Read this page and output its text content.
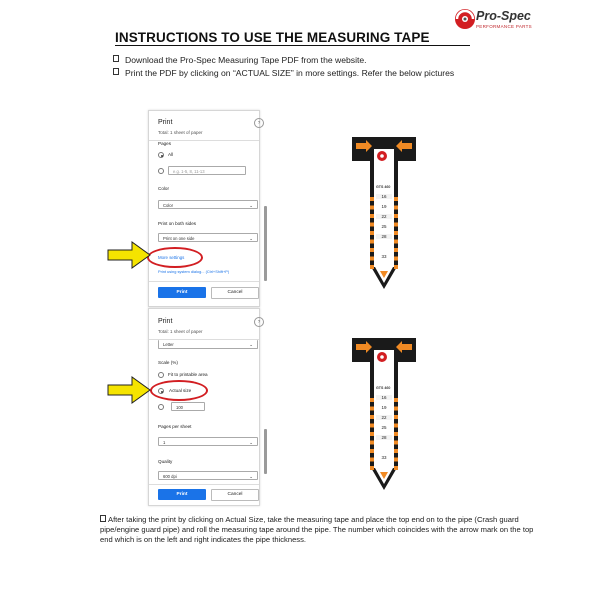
INSTRUCTIONS TO USE THE MEASURING TAPE
Pro-Spec
PERFORMANCE PARTS
Download the Pro-Spec Measuring Tape PDF from the website.
Print the PDF by clicking on “ACTUAL SIZE” in more settings. Refer the below pictures
Print
Total: 1 sheet of paper
?
Pages
All
e.g. 1-5, 8, 11-13
Color
Color	⌄
Print on both sides
Print on one side	⌄
More settings
Print using system dialog... (Ctrl+Shift+P)
Print	Cancel
Print
Total: 1 sheet of paper
?
Letter	⌄
Scale (%)
Fit to printable area
Actual size
100
Pages per sheet
1	⌄
Quality
600 dpi	⌄
Print	Cancel
GTS 460
16
19
22
25
28
33
GTS 460
16
19
22
25
28
33
After taking the print by clicking on Actual Size, take the measuring tape and place the top end on to the pipe (Crash guard pipe/engine guard pipe) and roll the measuring tape around the pipe. The number which coincides with the arrow mark on the top end which is on the left and right indicates the pipe thickness.
